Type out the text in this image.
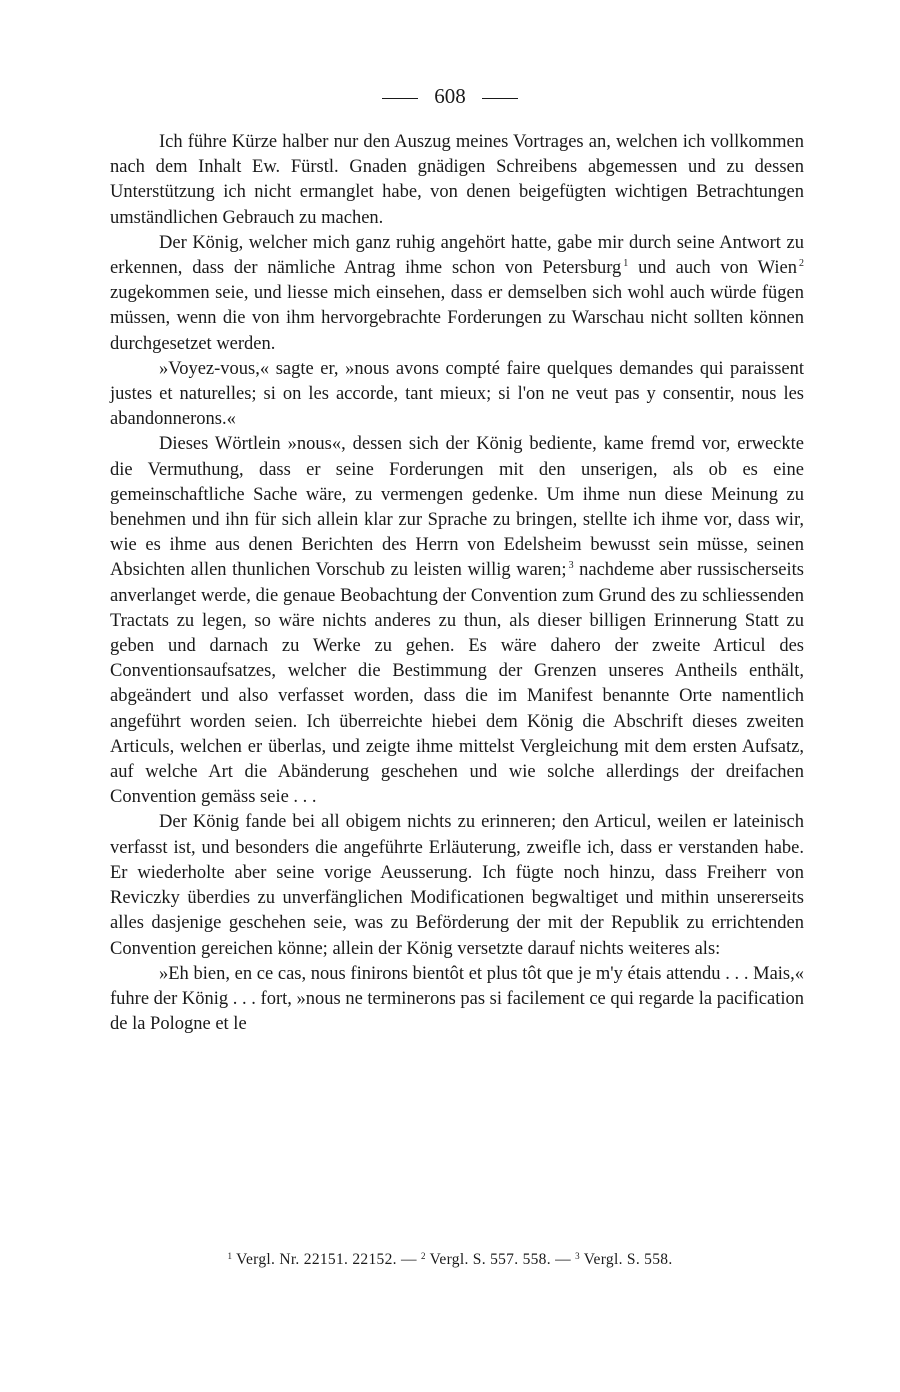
608

Ich führe Kürze halber nur den Auszug meines Vortrages an, welchen ich vollkommen nach dem Inhalt Ew. Fürstl. Gnaden gnädigen Schreibens abgemessen und zu dessen Unterstützung ich nicht ermanglet habe, von denen beigefügten wichtigen Betrachtungen umständlichen Gebrauch zu machen.

Der König, welcher mich ganz ruhig angehört hatte, gabe mir durch seine Antwort zu erkennen, dass der nämliche Antrag ihme schon von Petersburg $^1$ und auch von Wien $^2$ zugekommen seie, und liesse mich einsehen, dass er demselben sich wohl auch würde fügen müssen, wenn die von ihm hervorgebrachte Forderungen zu Warschau nicht sollten können durchgesetzet werden.

»Voyez-vous,« sagte er, »nous avons compté faire quelques demandes qui paraissent justes et naturelles; si on les accorde, tant mieux; si l'on ne veut pas y consentir, nous les abandonnerons.«

Dieses Wörtlein »nous«, dessen sich der König bediente, kame fremd vor, erweckte die Vermuthung, dass er seine Forderungen mit den unserigen, als ob es eine gemeinschaftliche Sache wäre, zu vermengen gedenke. Um ihme nun diese Meinung zu benehmen und ihn für sich allein klar zur Sprache zu bringen, stellte ich ihme vor, dass wir, wie es ihme aus denen Berichten des Herrn von Edelsheim bewusst sein müsse, seinen Absichten allen thunlichen Vorschub zu leisten willig waren; $^3$ nachdeme aber russischerseits anverlanget werde, die genaue Beobachtung der Convention zum Grund des zu schliessenden Tractats zu legen, so wäre nichts anderes zu thun, als dieser billigen Erinnerung Statt zu geben und darnach zu Werke zu gehen. Es wäre dahero der zweite Articul des Conventionsaufsatzes, welcher die Bestimmung der Grenzen unseres Antheils enthält, abgeändert und also verfasset worden, dass die im Manifest benannte Orte namentlich angeführt worden seien. Ich überreichte hiebei dem König die Abschrift dieses zweiten Articuls, welchen er überlas, und zeigte ihme mittelst Vergleichung mit dem ersten Aufsatz, auf welche Art die Abänderung geschehen und wie solche allerdings der dreifachen Convention gemäss seie . . .

Der König fande bei all obigem nichts zu erinneren; den Articul, weilen er lateinisch verfasst ist, und besonders die angeführte Erläuterung, zweifle ich, dass er verstanden habe. Er wiederholte aber seine vorige Aeusserung. Ich fügte noch hinzu, dass Freiherr von Reviczky überdies zu unverfänglichen Modificationen begwaltiget und mithin unsererseits alles dasjenige geschehen seie, was zu Beförderung der mit der Republik zu errichtenden Convention gereichen könne; allein der König versetzte darauf nichts weiteres als:

»Eh bien, en ce cas, nous finirons bientôt et plus tôt que je m'y étais attendu . . . Mais,« fuhre der König . . . fort, »nous ne terminerons pas si facilement ce qui regarde la pacification de la Pologne et le

$^1$ Vergl. Nr. 22151. 22152. — $^2$ Vergl. S. 557. 558. — $^3$ Vergl. S. 558.
